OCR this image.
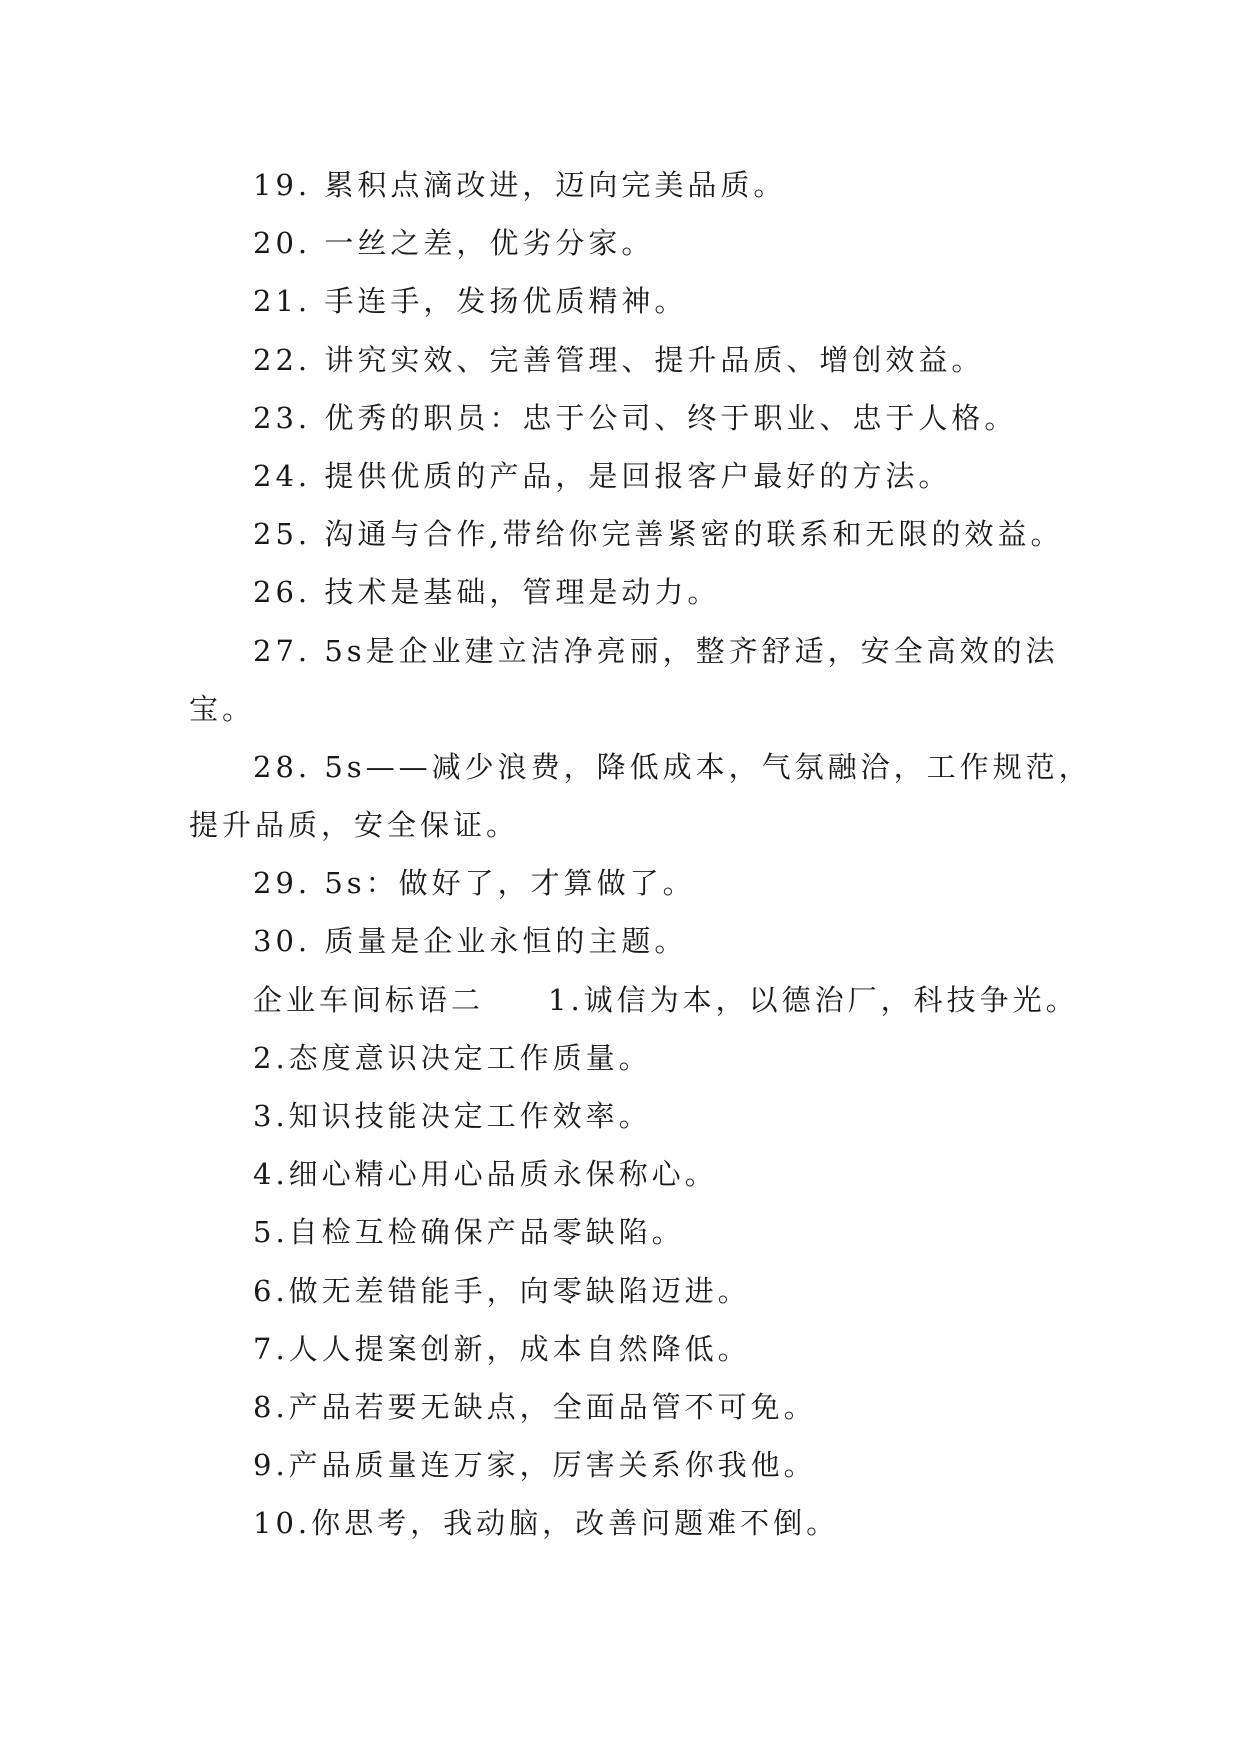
19. 累积点滴改进，迈向完美品质。
20. 一丝之差，优劣分家。
21. 手连手，发扬优质精神。
22. 讲究实效、完善管理、提升品质、增创效益。
23. 优秀的职员：忠于公司、终于职业、忠于人格。
24. 提供优质的产品，是回报客户最好的方法。
25. 沟通与合作,带给你完善紧密的联系和无限的效益。
26. 技术是基础，管理是动力。
27. 5s是企业建立洁净亮丽，整齐舒适，安全高效的法
宝。
28. 5s——减少浪费，降低成本，气氛融洽，工作规范，
提升品质，安全保证。
29. 5s：做好了，才算做了。
30. 质量是企业永恒的主题。
企业车间标语二 1.诚信为本，以德治厂，科技争光。
2.态度意识决定工作质量。
3.知识技能决定工作效率。
4.细心精心用心品质永保称心。
5.自检互检确保产品零缺陷。
6.做无差错能手，向零缺陷迈进。
7.人人提案创新，成本自然降低。
8.产品若要无缺点，全面品管不可免。
9.产品质量连万家，厉害关系你我他。
10.你思考，我动脑，改善问题难不倒。
